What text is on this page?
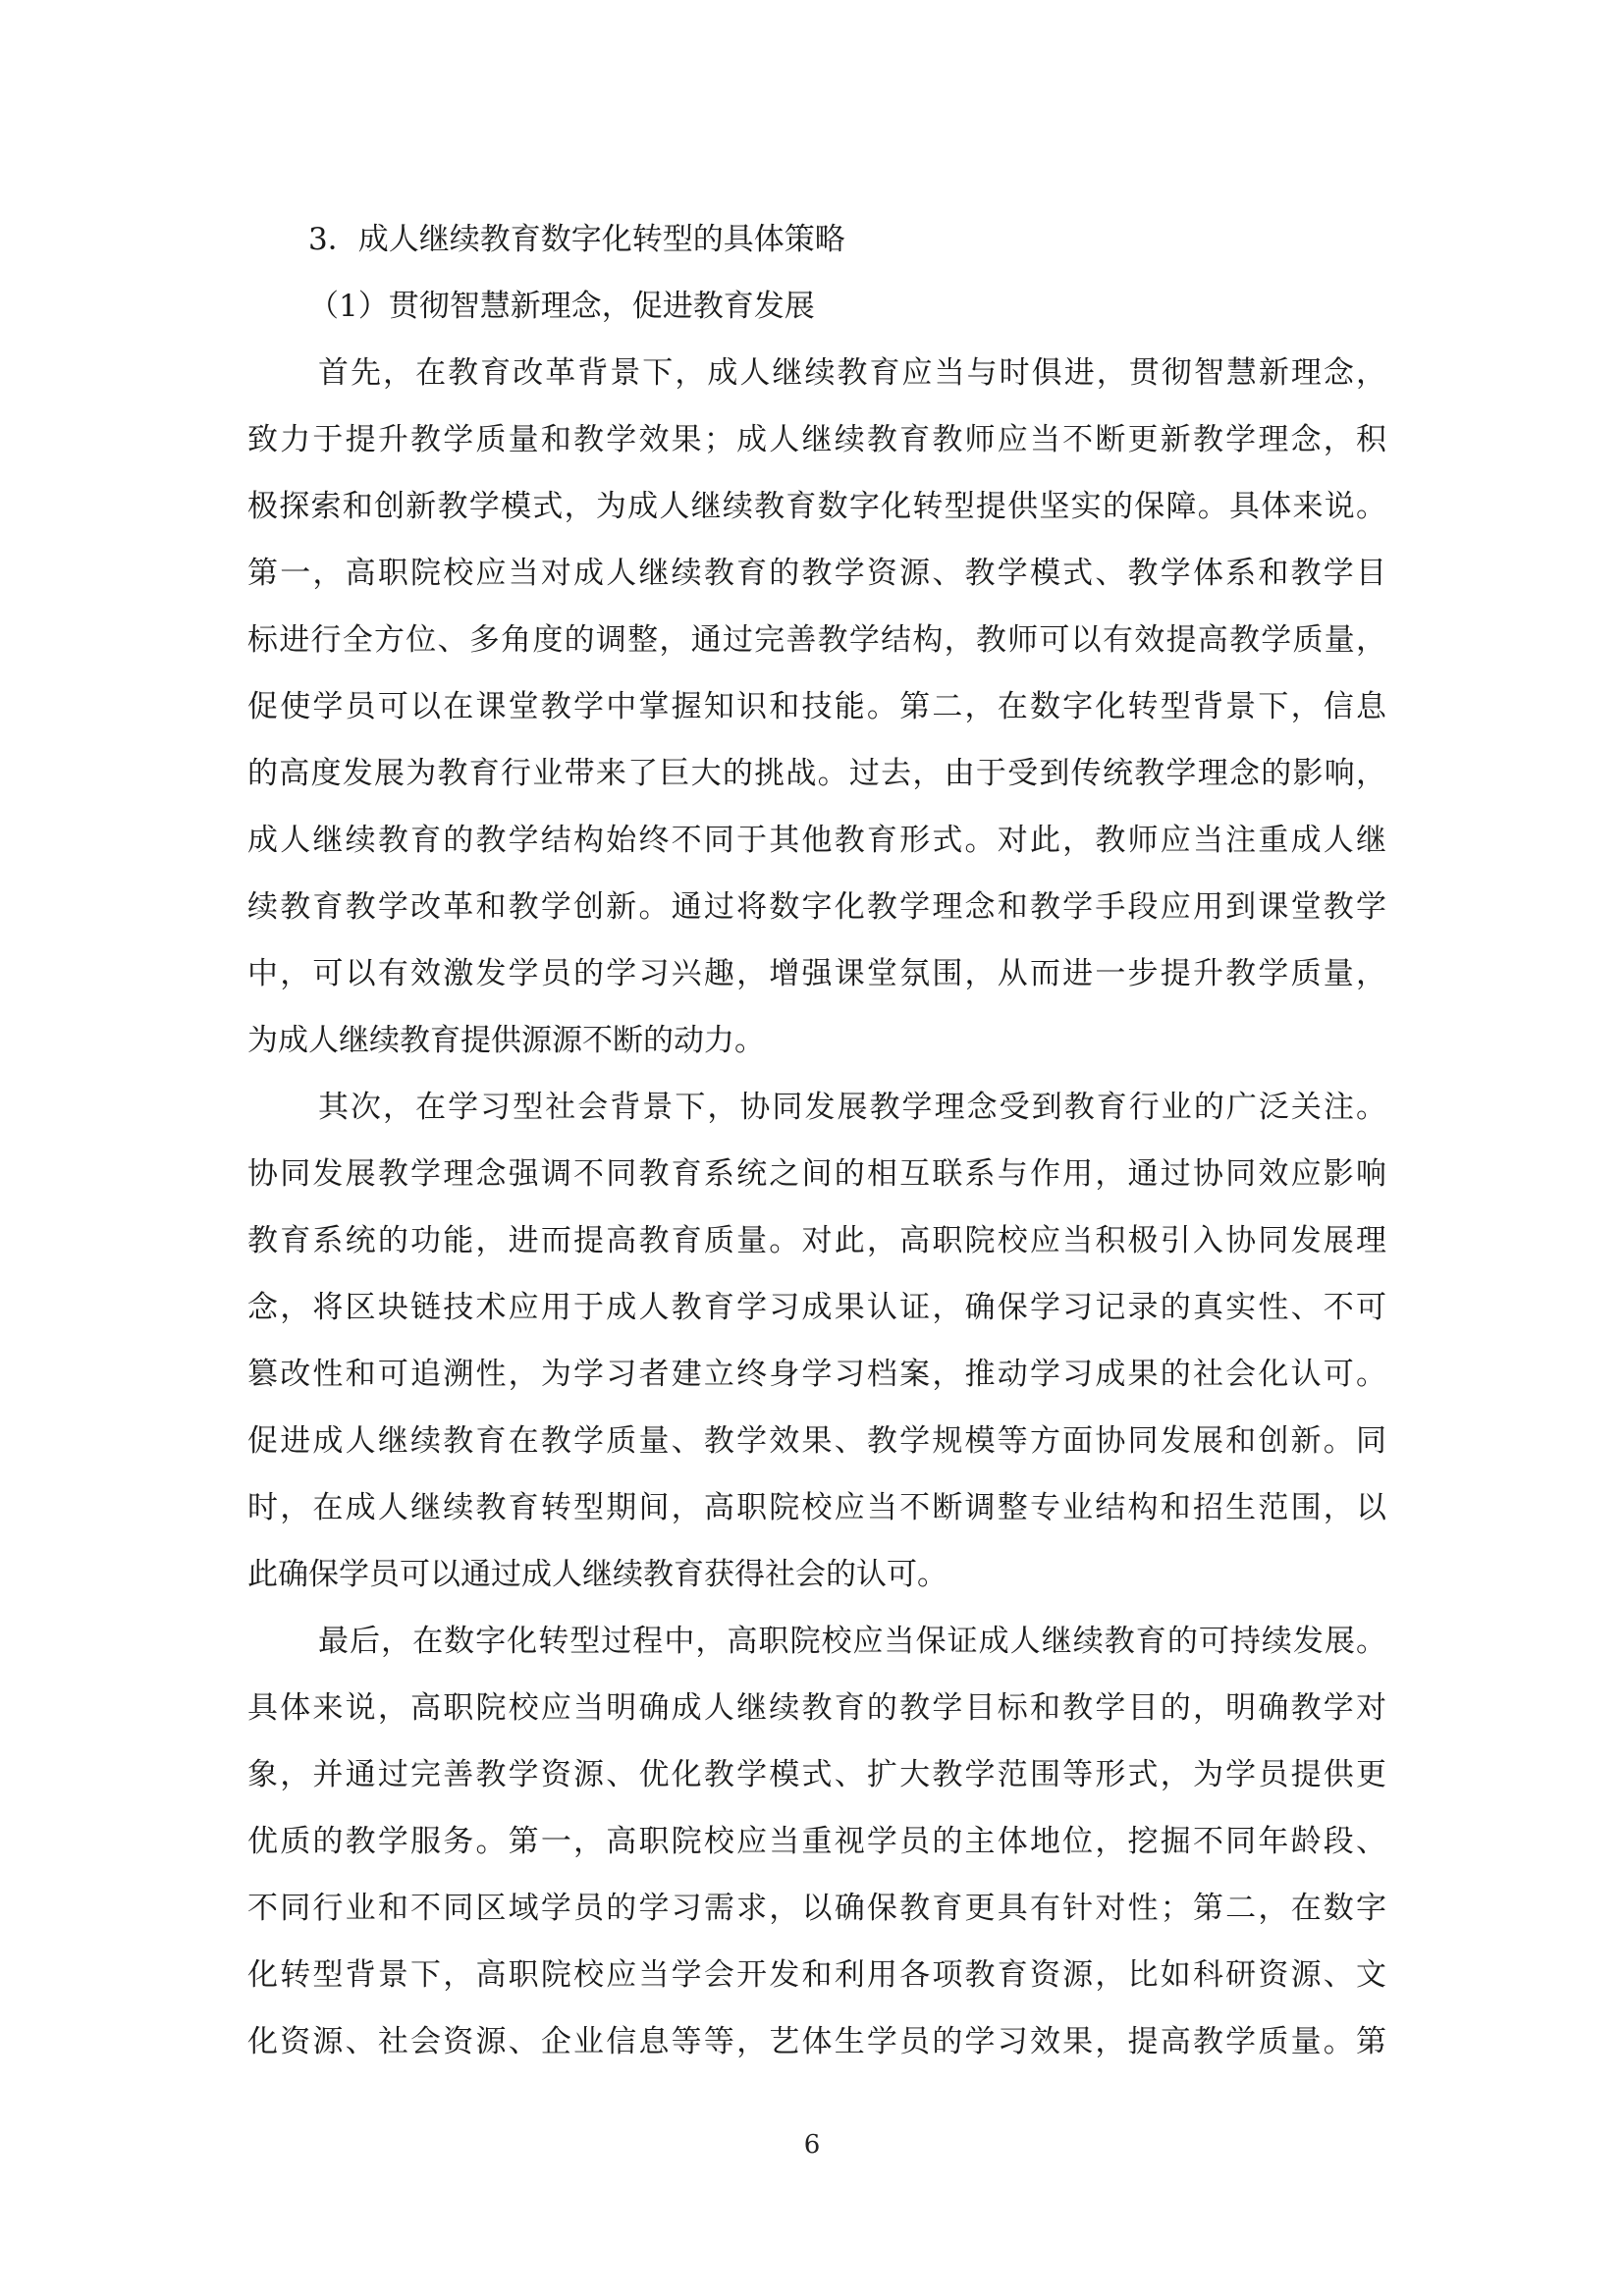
3．成人继续教育数字化转型的具体策略
（1）贯彻智慧新理念，促进教育发展
首先，在教育改革背景下，成人继续教育应当与时俱进，贯彻智慧新理念，
致力于提升教学质量和教学效果；成人继续教育教师应当不断更新教学理念，积
极探索和创新教学模式，为成人继续教育数字化转型提供坚实的保障。具体来说。
第一，高职院校应当对成人继续教育的教学资源、教学模式、教学体系和教学目
标进行全方位、多角度的调整，通过完善教学结构，教师可以有效提高教学质量，
促使学员可以在课堂教学中掌握知识和技能。第二，在数字化转型背景下，信息
的高度发展为教育行业带来了巨大的挑战。过去，由于受到传统教学理念的影响，
成人继续教育的教学结构始终不同于其他教育形式。对此，教师应当注重成人继
续教育教学改革和教学创新。通过将数字化教学理念和教学手段应用到课堂教学
中，可以有效激发学员的学习兴趣，增强课堂氛围，从而进一步提升教学质量，
为成人继续教育提供源源不断的动力。
其次，在学习型社会背景下，协同发展教学理念受到教育行业的广泛关注。
协同发展教学理念强调不同教育系统之间的相互联系与作用，通过协同效应影响
教育系统的功能，进而提高教育质量。对此，高职院校应当积极引入协同发展理
念，将区块链技术应用于成人教育学习成果认证，确保学习记录的真实性、不可
篡改性和可追溯性，为学习者建立终身学习档案，推动学习成果的社会化认可。
促进成人继续教育在教学质量、教学效果、教学规模等方面协同发展和创新。同
时，在成人继续教育转型期间，高职院校应当不断调整专业结构和招生范围，以
此确保学员可以通过成人继续教育获得社会的认可。
最后，在数字化转型过程中，高职院校应当保证成人继续教育的可持续发展。
具体来说，高职院校应当明确成人继续教育的教学目标和教学目的，明确教学对
象，并通过完善教学资源、优化教学模式、扩大教学范围等形式，为学员提供更
优质的教学服务。第一，高职院校应当重视学员的主体地位，挖掘不同年龄段、
不同行业和不同区域学员的学习需求，以确保教育更具有针对性；第二，在数字
化转型背景下，高职院校应当学会开发和利用各项教育资源，比如科研资源、文
化资源、社会资源、企业信息等等，艺体生学员的学习效果，提高教学质量。第
6
